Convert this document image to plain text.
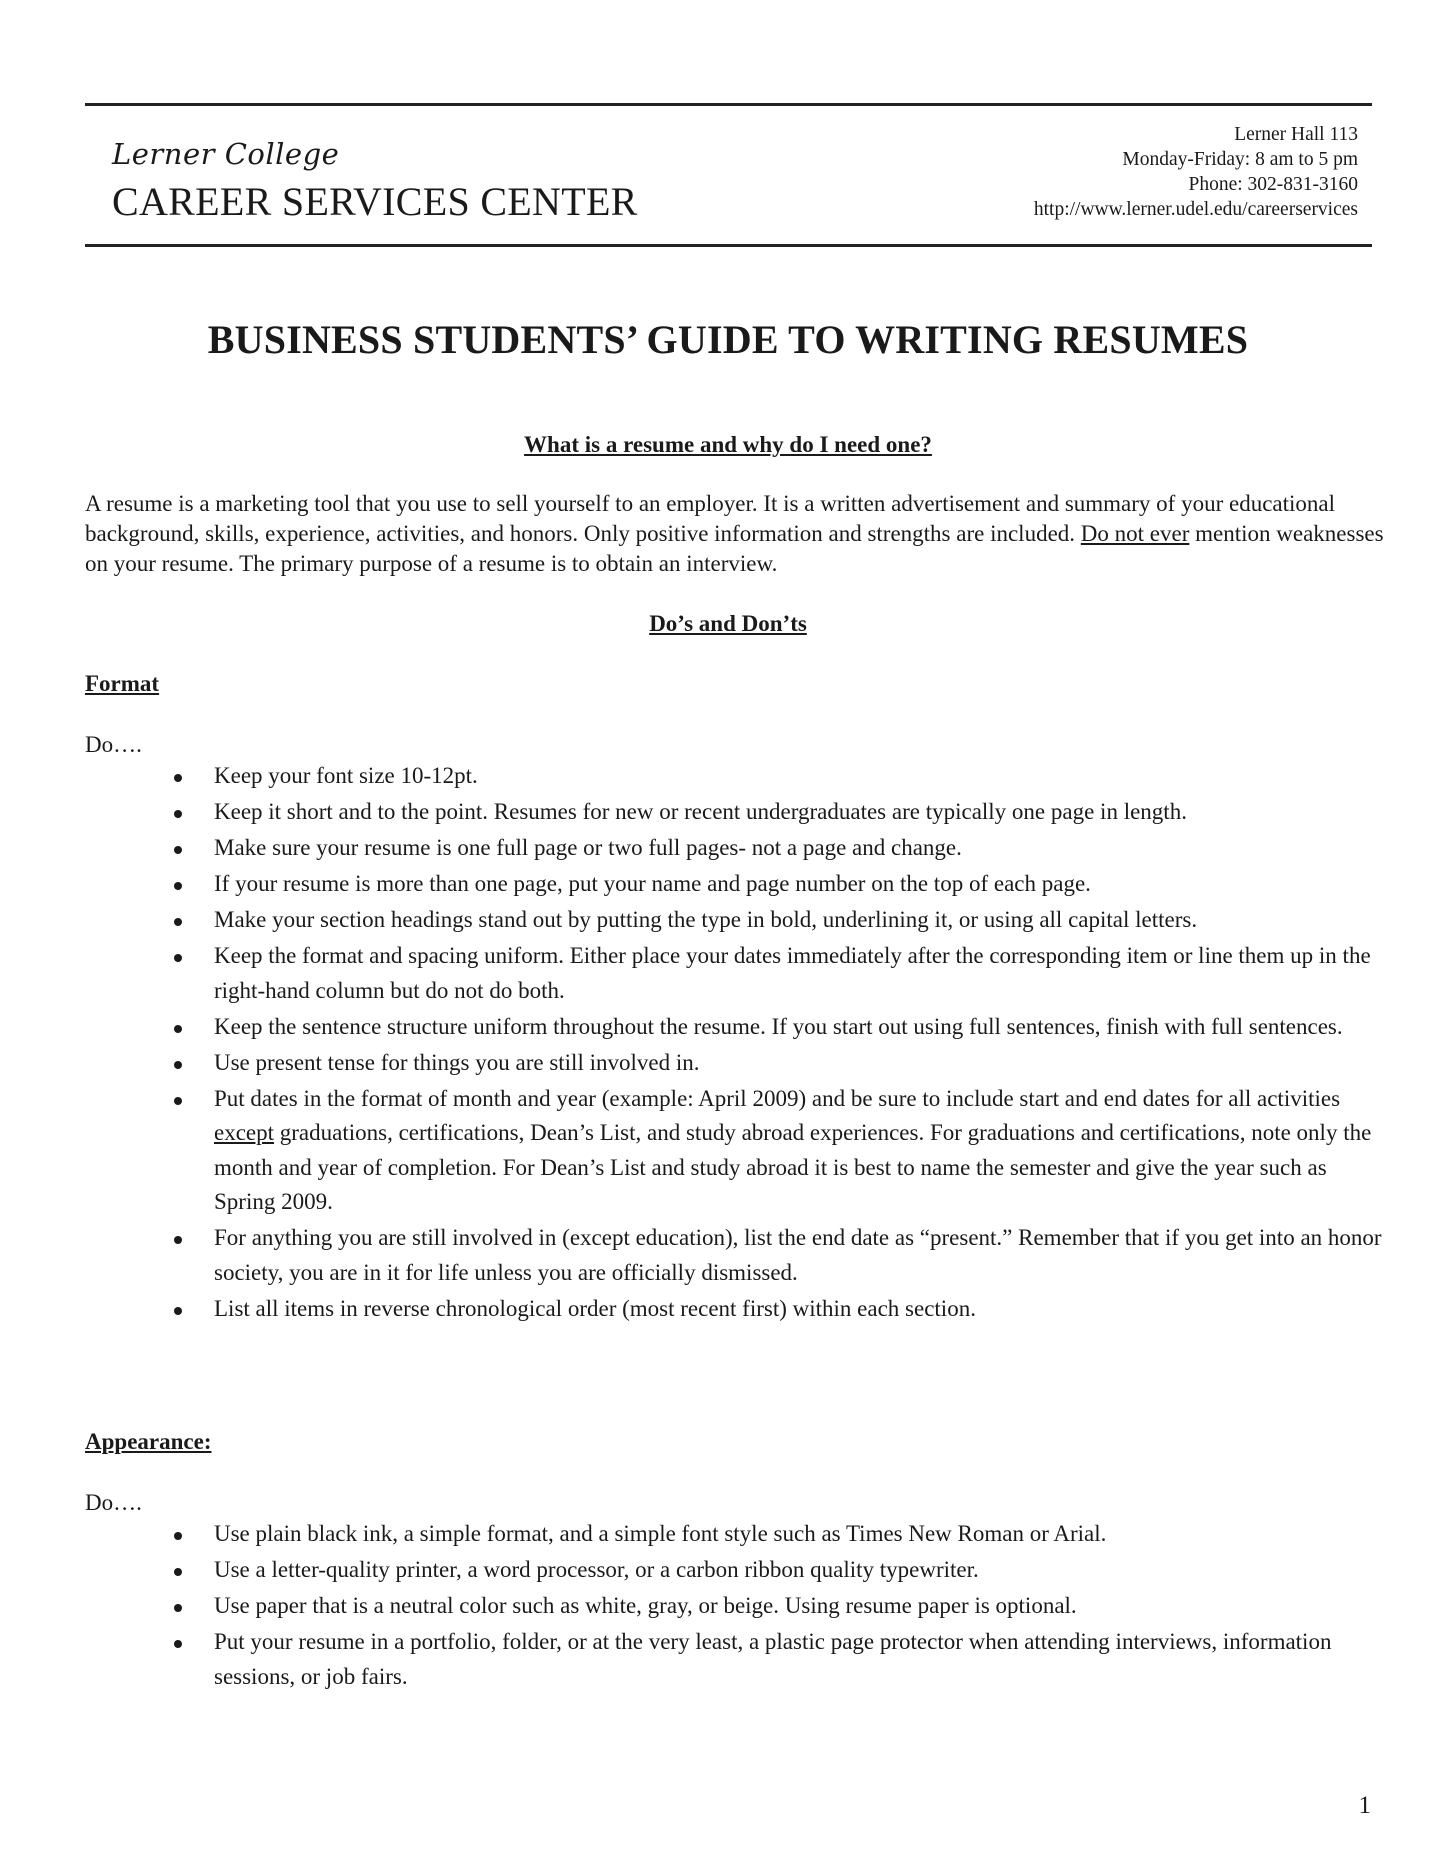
Lerner College
CAREER SERVICES CENTER
Lerner Hall 113
Monday-Friday: 8 am to 5 pm
Phone: 302-831-3160
http://www.lerner.udel.edu/careerservices
BUSINESS STUDENTS’ GUIDE TO WRITING RESUMES
What is a resume and why do I need one?
A resume is a marketing tool that you use to sell yourself to an employer. It is a written advertisement and summary of your educational background, skills, experience, activities, and honors. Only positive information and strengths are included. Do not ever mention weaknesses on your resume. The primary purpose of a resume is to obtain an interview.
Do’s and Don’ts
Format
Do….
Keep your font size 10-12pt.
Keep it short and to the point. Resumes for new or recent undergraduates are typically one page in length.
Make sure your resume is one full page or two full pages- not a page and change.
If your resume is more than one page, put your name and page number on the top of each page.
Make your section headings stand out by putting the type in bold, underlining it, or using all capital letters.
Keep the format and spacing uniform. Either place your dates immediately after the corresponding item or line them up in the right-hand column but do not do both.
Keep the sentence structure uniform throughout the resume. If you start out using full sentences, finish with full sentences.
Use present tense for things you are still involved in.
Put dates in the format of month and year (example: April 2009) and be sure to include start and end dates for all activities except graduations, certifications, Dean’s List, and study abroad experiences. For graduations and certifications, note only the month and year of completion. For Dean’s List and study abroad it is best to name the semester and give the year such as Spring 2009.
For anything you are still involved in (except education), list the end date as “present.” Remember that if you get into an honor society, you are in it for life unless you are officially dismissed.
List all items in reverse chronological order (most recent first) within each section.
Appearance:
Do….
Use plain black ink, a simple format, and a simple font style such as Times New Roman or Arial.
Use a letter-quality printer, a word processor, or a carbon ribbon quality typewriter.
Use paper that is a neutral color such as white, gray, or beige. Using resume paper is optional.
Put your resume in a portfolio, folder, or at the very least, a plastic page protector when attending interviews, information sessions, or job fairs.
1
